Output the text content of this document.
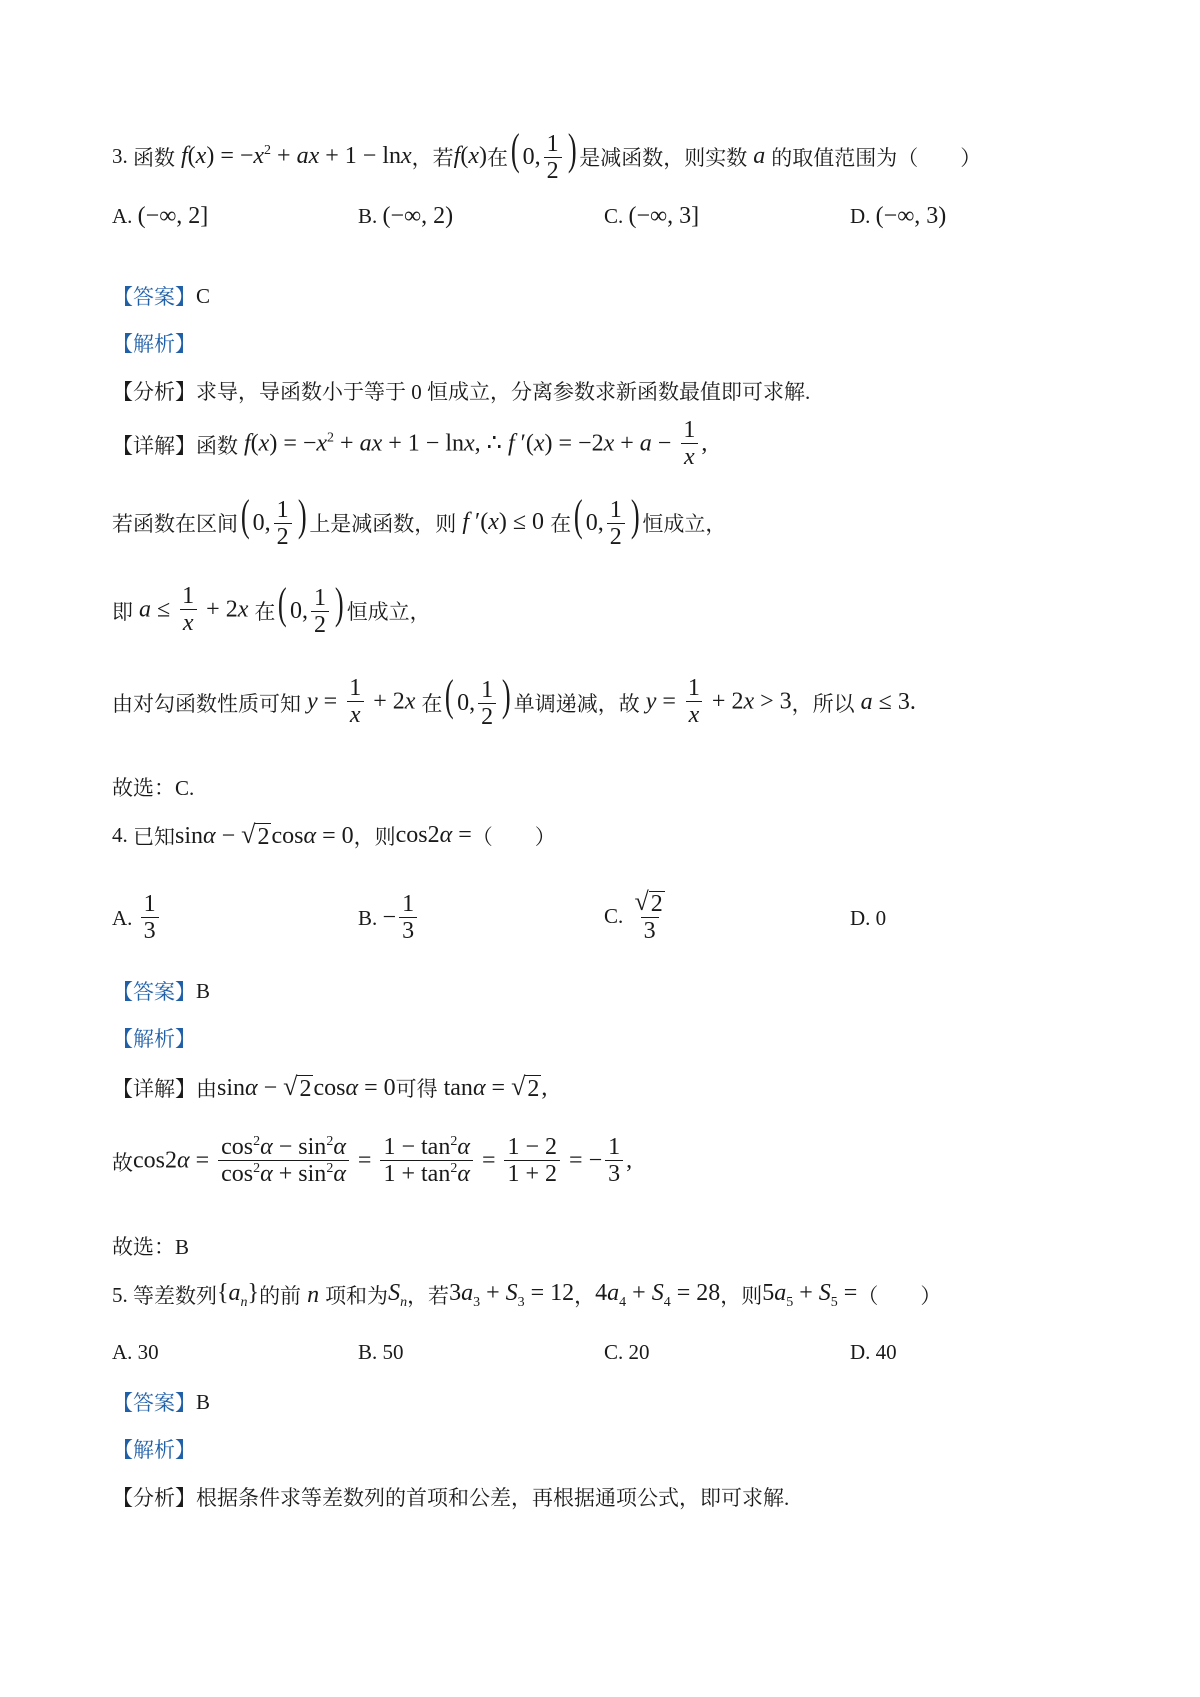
3.
函数 $f(x) = -x^2$ + ax + 1 − lnx ，若 f(x) 在 ( 0, $\frac{1}{2}$ ) 是减函数，则实数 a 的取值范围为（　　）
A.
(−∞, 2]	B.
(−∞, 2)	C.
(−∞, 3]	D.
(−∞, 3)
【答案】 C
【解析】
【分析】 求导，导函数小于等于 0 恒成立，分离参数求新函数最值即可求解.
【详解】 函数 $f(x) = -x^2$ + ax + 1 − lnx, ∴ f $'(x) = -2x + a - \frac{1}{x}$ ,
若函数在区间 ( 0, $\frac{1}{2}$ ) 上是减函数，则 f ′(x) ≤ 0 在 ( 0, $\frac{1}{2}$ ) 恒成立，
即 $a \le \frac{1}{x} + 2x$ 在 ( 0, $\frac{1}{2}$ ) 恒成立，
由对勾函数性质可知 $y = \frac{1}{x} + 2x$ 在 ( 0, $\frac{1}{2}$ ) 单调递减，故 $y = \frac{1}{x} + 2x > 3$ ，所以 a ≤ 3.
故选：C.
4.
已知 sinα − √ 2 cosα = 0 ，则 cos2α = （　　）
A.
$\frac{1}{3}$	B.
− $\frac{1}{3}$	C.
$\frac{√ 2}{3}$	D.
0
【答案】 B
【解析】
【详解】 由 sinα − √ 2 cosα = 0 可得 tanα = √ 2 ,
故 $\cos 2\alpha = \frac{\cos^2\alpha - \sin^2\alpha}{\cos^2\alpha + \sin^2\alpha} = \frac{1 - \tan^2\alpha}{1 + \tan^2\alpha} = \frac{1 - 2}{1 + 2}$ = − $\frac{1}{3}$ ,
故选：B
5.
等差数列 $\{a_n\}$ 的前 n 项和为 $S_n$ ，若 $3a_3 + S_3 = 12$ ， $4a_4 + S_4 = 28$ ，则 $5a_5 + S_5$ = （　　）
A.
30	B.
50	C.
20	D.
40
【答案】 B
【解析】
【分析】 根据条件求等差数列的首项和公差，再根据通项公式，即可求解.
